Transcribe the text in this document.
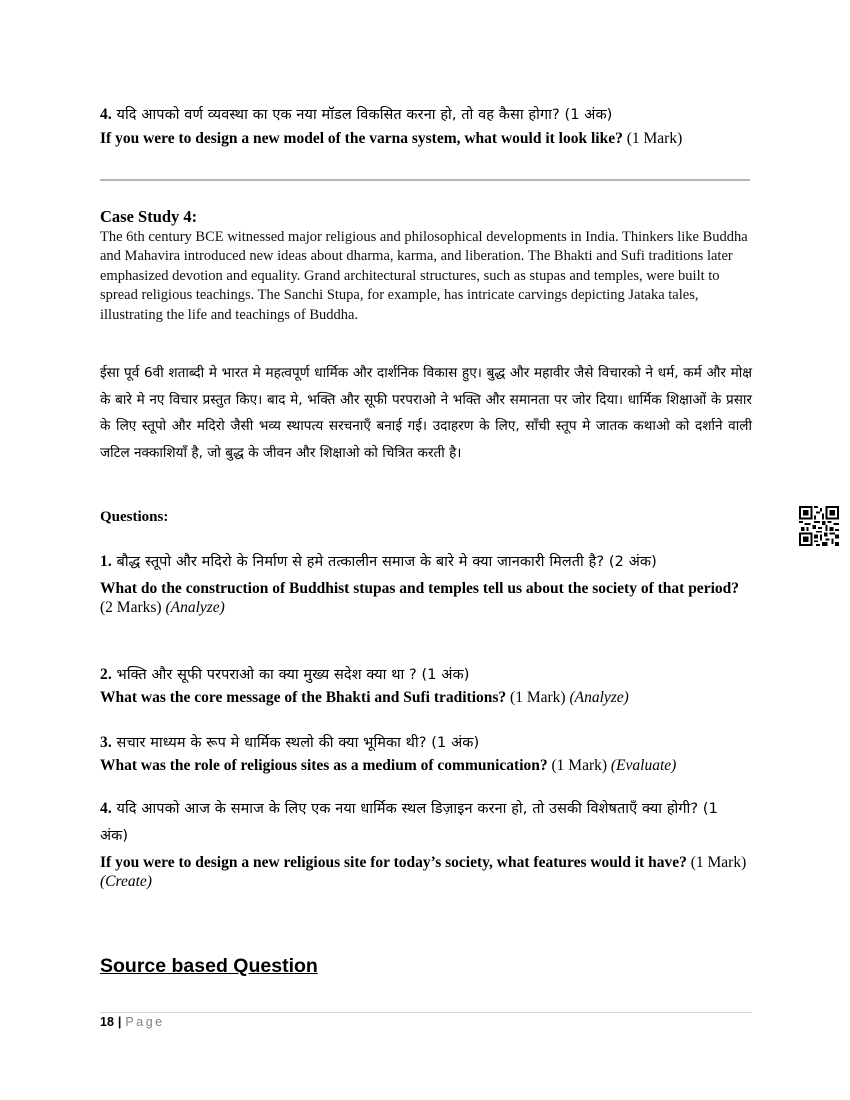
4. यदि आपको वर्ण व्यवस्था का एक नया मॉडल विकसित करना हो, तो वह कैसा होगा? (1 अंक)
If you were to design a new model of the varna system, what would it look like? (1 Mark)
Case Study 4:
The 6th century BCE witnessed major religious and philosophical developments in India. Thinkers like Buddha and Mahavira introduced new ideas about dharma, karma, and liberation. The Bhakti and Sufi traditions later emphasized devotion and equality. Grand architectural structures, such as stupas and temples, were built to spread religious teachings. The Sanchi Stupa, for example, has intricate carvings depicting Jataka tales, illustrating the life and teachings of Buddha.
ईसा पूर्व 6वी शताब्दी मे भारत मे महत्वपूर्ण धार्मिक और दार्शनिक विकास हुए। बुद्ध और महावीर जैसे विचारको ने धर्म, कर्म और मोक्ष के बारे मे नए विचार प्रस्तुत किए। बाद मे, भक्ति और सूफी परपराओ ने भक्ति और समानता पर जोर दिया। धार्मिक शिक्षाओं के प्रसार के लिए स्तूपो और मदिरो जैसी भव्य स्थापत्य सरचनाएँ बनाई गई। उदाहरण के लिए, साँची स्तूप मे जातक कथाओ को दर्शाने वाली जटिल नक्काशियाँ है, जो बुद्ध के जीवन और शिक्षाओ को चित्रित करती है।
Questions:
1. बौद्ध स्तूपो और मदिरो के निर्माण से हमे तत्कालीन समाज के बारे मे क्या जानकारी मिलती है? (2 अंक)
What do the construction of Buddhist stupas and temples tell us about the society of that period? (2 Marks) (Analyze)
2. भक्ति और सूफी परपराओ का क्या मुख्य सदेश क्या था ? (1 अंक)
What was the core message of the Bhakti and Sufi traditions? (1 Mark) (Analyze)
3. सचार माध्यम के रूप मे धार्मिक स्थलो की क्या भूमिका थी? (1 अंक)
What was the role of religious sites as a medium of communication? (1 Mark) (Evaluate)
4. यदि आपको आज के समाज के लिए एक नया धार्मिक स्थल डिज़ाइन करना हो, तो उसकी विशेषताएँ क्या होगी? (1 अंक)
If you were to design a new religious site for today’s society, what features would it have? (1 Mark) (Create)
Source based Question
18 | Page
